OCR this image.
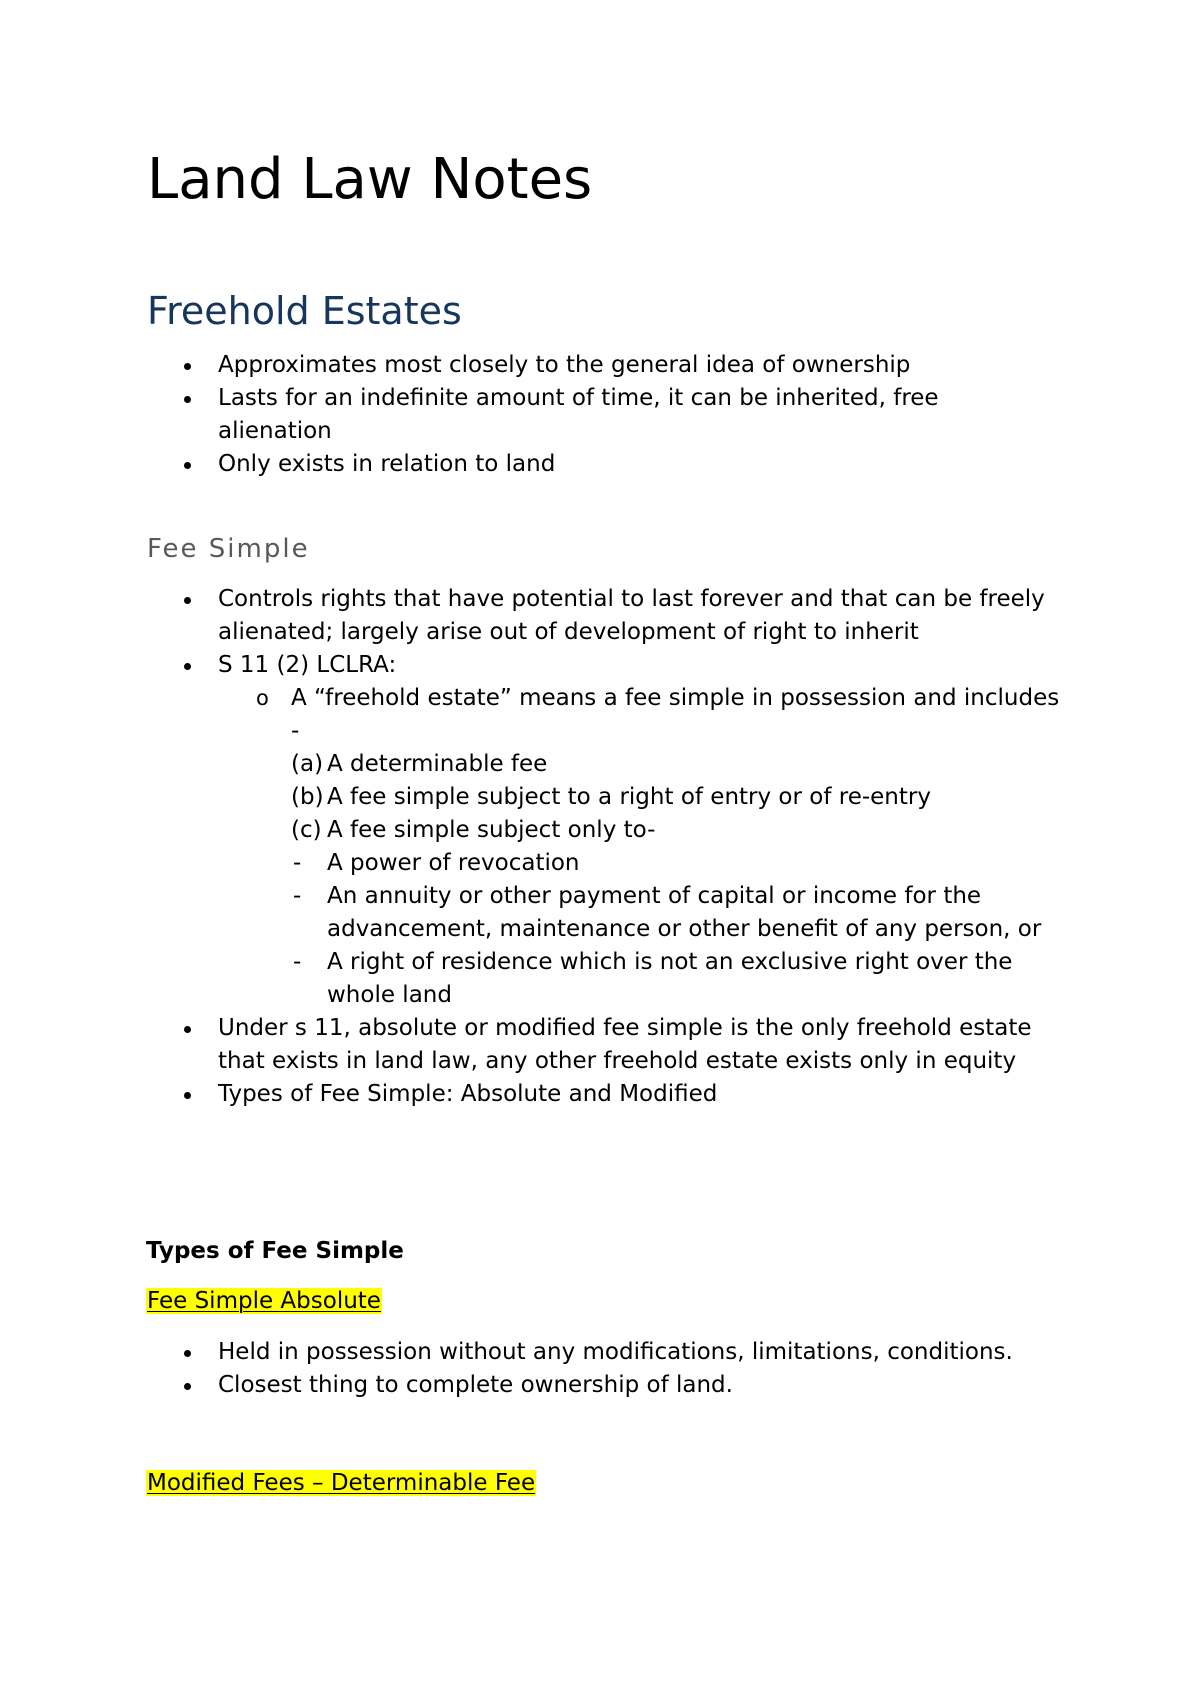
Land Law Notes
Freehold Estates
Approximates most closely to the general idea of ownership
Lasts for an indefinite amount of time, it can be inherited, free alienation
Only exists in relation to land
Fee Simple
Controls rights that have potential to last forever and that can be freely alienated; largely arise out of development of right to inherit
S 11 (2) LCLRA:
o A “freehold estate” means a fee simple in possession and includes -
(a) A determinable fee
(b) A fee simple subject to a right of entry or of re-entry
(c) A fee simple subject only to-
- A power of revocation
- An annuity or other payment of capital or income for the advancement, maintenance or other benefit of any person, or
- A right of residence which is not an exclusive right over the whole land
Under s 11, absolute or modified fee simple is the only freehold estate that exists in land law, any other freehold estate exists only in equity
Types of Fee Simple: Absolute and Modified
Types of Fee Simple

Fee Simple Absolute

Held in possession without any modifications, limitations, conditions.
Closest thing to complete ownership of land.

Modified Fees – Determinable Fee
